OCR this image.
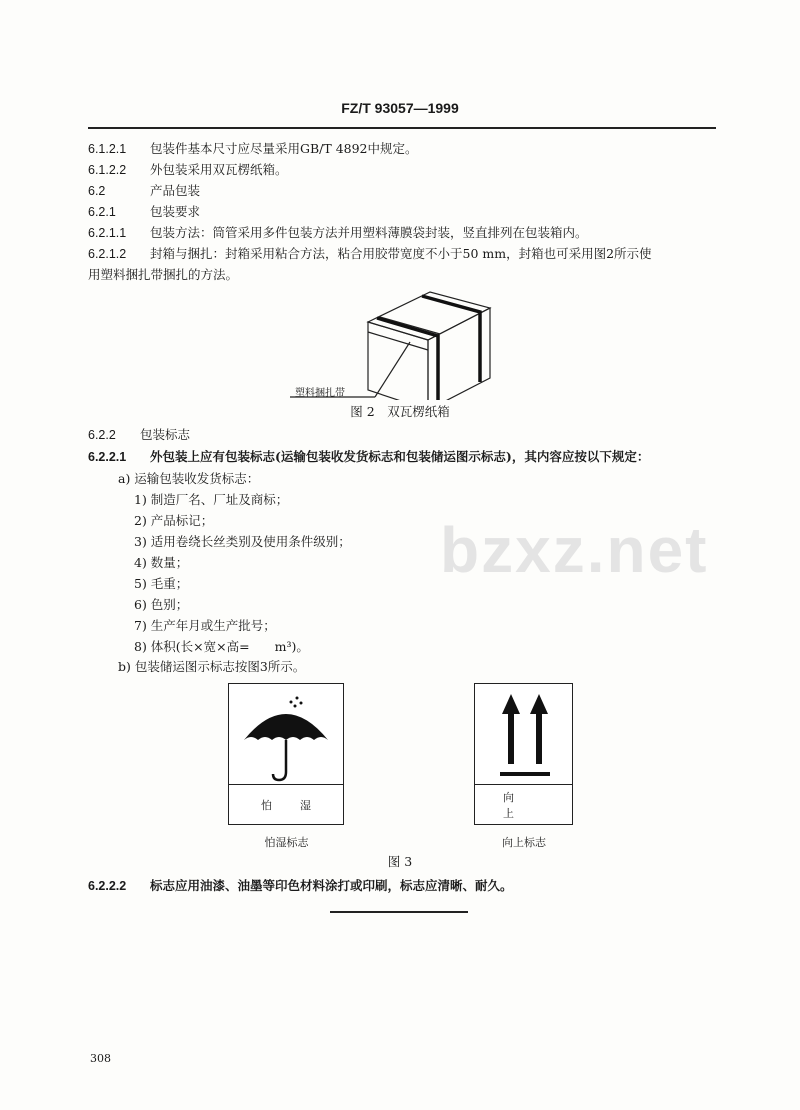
bzxz.net
FZ/T 93057—1999
6.1.2.1 包装件基本尺寸应尽量采用GB/T 4892中规定。
6.1.2.2 外包装采用双瓦楞纸箱。
6.2	产品包装
6.2.1	包装要求
6.2.1.1 包装方法：筒管采用多件包装方法并用塑料薄膜袋封装，竖直排列在包装箱内。
6.2.1.2 封箱与捆扎：封箱采用粘合方法，粘合用胶带宽度不小于50 mm，封箱也可采用图2所示使
用塑料捆扎带捆扎的方法。
塑料捆扎带
图 2　双瓦楞纸箱
6.2.2 包装标志
6.2.2.1 外包装上应有包装标志(运输包装收发货标志和包装储运图示标志)，其内容应按以下规定：
a) 运输包装收发货标志：
1) 制造厂名、厂址及商标；
2) 产品标记；
3) 适用卷绕长丝类别及使用条件级别；
4) 数量；
5) 毛重；
6) 色别；
7) 生产年月或生产批号；
8) 体积(长×宽×高=　　m³)。
b) 包装储运图示标志按图3所示。
怕湿
向上
怕湿标志	向上标志
图 3
6.2.2.2 标志应用油漆、油墨等印色材料涂打或印刷，标志应清晰、耐久。
308
